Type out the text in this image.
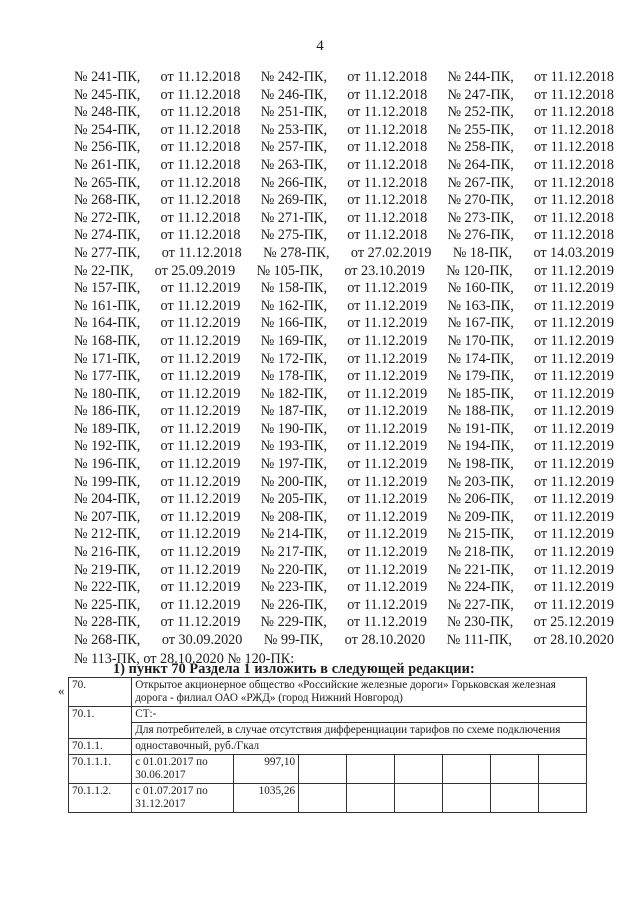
4
№ 241-ПК, от 11.12.2018 № 242-ПК, от 11.12.2018 № 244-ПК, от 11.12.2018
№ 245-ПК, от 11.12.2018 № 246-ПК, от 11.12.2018 № 247-ПК, от 11.12.2018
№ 248-ПК, от 11.12.2018 № 251-ПК, от 11.12.2018 № 252-ПК, от 11.12.2018
№ 254-ПК, от 11.12.2018 № 253-ПК, от 11.12.2018 № 255-ПК, от 11.12.2018
№ 256-ПК, от 11.12.2018 № 257-ПК, от 11.12.2018 № 258-ПК, от 11.12.2018
№ 261-ПК, от 11.12.2018 № 263-ПК, от 11.12.2018 № 264-ПК, от 11.12.2018
№ 265-ПК, от 11.12.2018 № 266-ПК, от 11.12.2018 № 267-ПК, от 11.12.2018
№ 268-ПК, от 11.12.2018 № 269-ПК, от 11.12.2018 № 270-ПК, от 11.12.2018
№ 272-ПК, от 11.12.2018 № 271-ПК, от 11.12.2018 № 273-ПК, от 11.12.2018
№ 274-ПК, от 11.12.2018 № 275-ПК, от 11.12.2018 № 276-ПК, от 11.12.2018
№ 277-ПК, от 11.12.2018 № 278-ПК, от 27.02.2019 № 18-ПК, от 14.03.2019
№ 22-ПК, от 25.09.2019 № 105-ПК, от 23.10.2019 № 120-ПК, от 11.12.2019
№ 157-ПК, от 11.12.2019 № 158-ПК, от 11.12.2019 № 160-ПК, от 11.12.2019
№ 161-ПК, от 11.12.2019 № 162-ПК, от 11.12.2019 № 163-ПК, от 11.12.2019
№ 164-ПК, от 11.12.2019 № 166-ПК, от 11.12.2019 № 167-ПК, от 11.12.2019
№ 168-ПК, от 11.12.2019 № 169-ПК, от 11.12.2019 № 170-ПК, от 11.12.2019
№ 171-ПК, от 11.12.2019 № 172-ПК, от 11.12.2019 № 174-ПК, от 11.12.2019
№ 177-ПК, от 11.12.2019 № 178-ПК, от 11.12.2019 № 179-ПК, от 11.12.2019
№ 180-ПК, от 11.12.2019 № 182-ПК, от 11.12.2019 № 185-ПК, от 11.12.2019
№ 186-ПК, от 11.12.2019 № 187-ПК, от 11.12.2019 № 188-ПК, от 11.12.2019
№ 189-ПК, от 11.12.2019 № 190-ПК, от 11.12.2019 № 191-ПК, от 11.12.2019
№ 192-ПК, от 11.12.2019 № 193-ПК, от 11.12.2019 № 194-ПК, от 11.12.2019
№ 196-ПК, от 11.12.2019 № 197-ПК, от 11.12.2019 № 198-ПК, от 11.12.2019
№ 199-ПК, от 11.12.2019 № 200-ПК, от 11.12.2019 № 203-ПК, от 11.12.2019
№ 204-ПК, от 11.12.2019 № 205-ПК, от 11.12.2019 № 206-ПК, от 11.12.2019
№ 207-ПК, от 11.12.2019 № 208-ПК, от 11.12.2019 № 209-ПК, от 11.12.2019
№ 212-ПК, от 11.12.2019 № 214-ПК, от 11.12.2019 № 215-ПК, от 11.12.2019
№ 216-ПК, от 11.12.2019 № 217-ПК, от 11.12.2019 № 218-ПК, от 11.12.2019
№ 219-ПК, от 11.12.2019 № 220-ПК, от 11.12.2019 № 221-ПК, от 11.12.2019
№ 222-ПК, от 11.12.2019 № 223-ПК, от 11.12.2019 № 224-ПК, от 11.12.2019
№ 225-ПК, от 11.12.2019 № 226-ПК, от 11.12.2019 № 227-ПК, от 11.12.2019
№ 228-ПК, от 11.12.2019 № 229-ПК, от 11.12.2019 № 230-ПК, от 25.12.2019
№ 268-ПК, от 30.09.2020 № 99-ПК, от 28.10.2020 № 111-ПК, от 28.10.2020
№ 113-ПК, от 28.10.2020 № 120-ПК:
1) пункт 70 Раздела 1 изложить в следующей редакции:
« 70.	Открытое акционерное общество «Российские железные дороги» Горьковская железная дорога - филиал ОАО «РЖД» (город Нижний Новгород)							
70.1.	СТ:-							
	Для потребителей, в случае отсутствия дифференциации тарифов по схеме подключения							
70.1.1.	одноставочный, руб./Гкал							
70.1.1.1.	с 01.01.2017 по 30.06.2017	997,10						
70.1.1.2.	с 01.07.2017 по 31.12.2017	1035,26						
